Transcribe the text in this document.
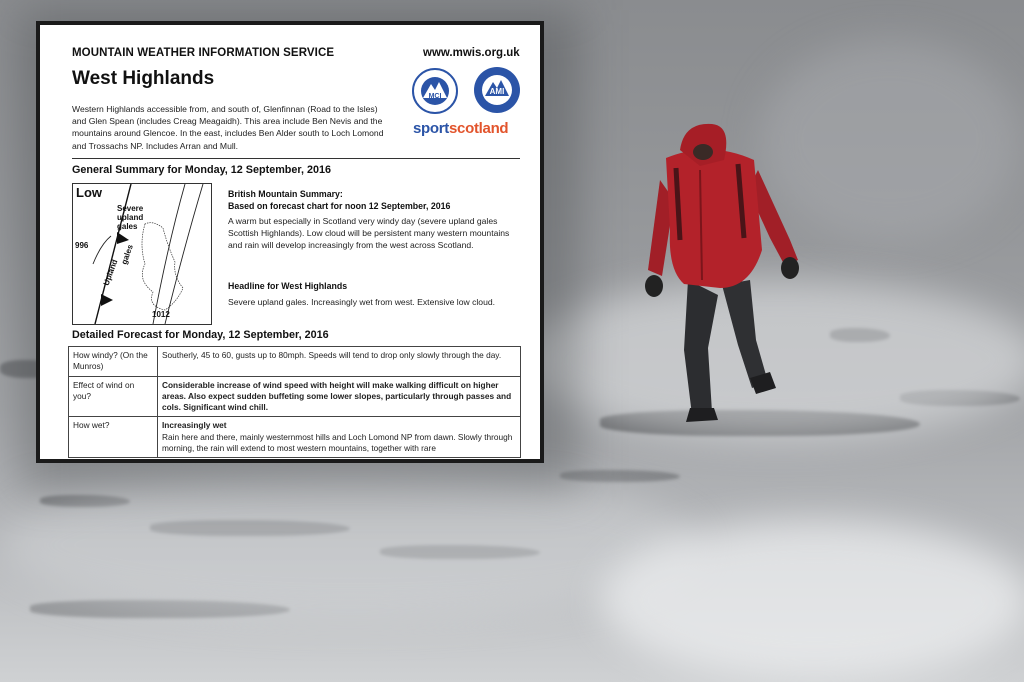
MOUNTAIN WEATHER INFORMATION SERVICE	www.mwis.org.uk
West Highlands
Western Highlands accessible from, and south of, Glenfinnan (Road to the Isles) and Glen Spean (includes Creag Meagaidh). This area include Ben Nevis and the mountains around Glencoe. In the east, includes Ben Alder south to Loch Lomond and Trossachs NP. Includes Arran and Mull.
MCI
AMI
sportscotland
General Summary for Monday, 12 September, 2016
Low
Severe upland gales
996
Upland
gales
1012
British Mountain Summary:
Based on forecast chart for noon 12 September, 2016
A warm but especially in Scotland very windy day (severe upland gales Scottish Highlands). Low cloud will be persistent many western mountains and rain will develop increasingly from the west across Scotland.
Headline for West Highlands
Severe upland gales. Increasingly wet from west. Extensive low cloud.
Detailed Forecast for Monday, 12 September, 2016
How windy? (On the Munros)	Southerly, 45 to 60, gusts up to 80mph. Speeds will tend to drop only slowly through the day.
Effect of wind on you?	Considerable increase of wind speed with height will make walking difficult on higher areas. Also expect sudden buffeting some lower slopes, particularly through passes and cols. Significant wind chill.
How wet?	Increasingly wet
Rain here and there, mainly westernmost hills and Loch Lomond NP from dawn. Slowly through morning, the rain will extend to most western mountains, together with rare
